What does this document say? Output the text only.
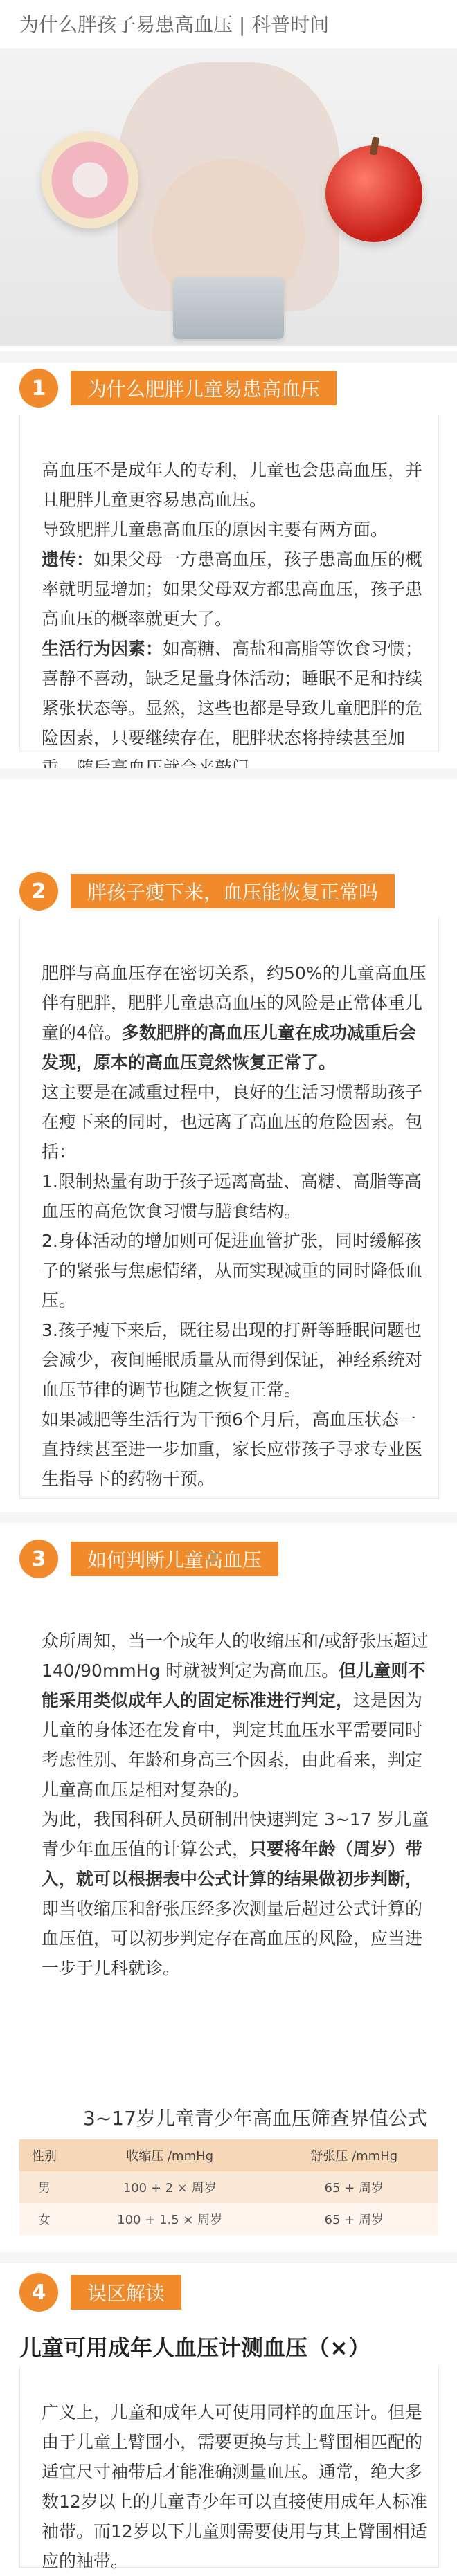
为什么胖孩子易患高血压 | 科普时间
1	为什么肥胖儿童易患高血压

高血压不是成年人的专利，儿童也会患高血压，并且肥胖儿童更容易患高血压。

导致肥胖儿童患高血压的原因主要有两方面。

遗传：如果父母一方患高血压，孩子患高血压的概率就明显增加；如果父母双方都患高血压，孩子患高血压的概率就更大了。

生活行为因素：如高糖、高盐和高脂等饮食习惯；喜静不喜动，缺乏足量身体活动；睡眠不足和持续紧张状态等。显然，这些也都是导致儿童肥胖的危险因素，只要继续存在，肥胖状态将持续甚至加

2	胖孩子瘦下来，血压能恢复正常吗

肥胖与高血压存在密切关系，约50%的儿童高血压伴有肥胖，肥胖儿童患高血压的风险是正常体重儿童的4倍。多数肥胖的高血压儿童在成功减重后会发现，原本的高血压竟然恢复正常了。

这主要是在减重过程中，良好的生活习惯帮助孩子在瘦下来的同时，也远离了高血压的危险因素。包括：

1.限制热量有助于孩子远离高盐、高糖、高脂等高血压的高危饮食习惯与膳食结构。

2.身体活动的增加则可促进血管扩张，同时缓解孩子的紧张与焦虑情绪，从而实现减重的同时降低血压。

3.孩子瘦下来后，既往易出现的打鼾等睡眠问题也会减少，夜间睡眠质量从而得到保证，神经系统对血压节律的调节也随之恢复正常。

如果减肥等生活行为干预6个月后，高血压状态一直持续甚至进一步加重，家长应带孩子寻求专业医生指导下的药物干预。

3	如何判断儿童高血压

众所周知，当一个成年人的收缩压和/或舒张压超过140/90mmHg 时就被判定为高血压。但儿童则不能采用类似成年人的固定标准进行判定，这是因为儿童的身体还在发育中，判定其血压水平需要同时考虑性别、年龄和身高三个因素，由此看来，判定儿童高血压是相对复杂的。

为此，我国科研人员研制出快速判定 3~17 岁儿童青少年血压值的计算公式，只要将年龄（周岁）带入，就可以根据表中公式计算的结果做初步判断，即当收缩压和舒张压经多次测量后超过公式计算的血压值，可以初步判定存在高血压的风险，应当进一步于儿科就诊。

3~17岁儿童青少年高血压筛查界值公式
性别	收缩压 /mmHg	舒张压 /mmHg
男	100 + 2 × 周岁	65 + 周岁
女	100 + 1.5 × 周岁	65 + 周岁
4	误区解读
儿童可用成年人血压计测血压（×）

广义上，儿童和成年人可使用同样的血压计。但是由于儿童上臂围小，需要更换与其上臂围相匹配的适宜尺寸袖带后才能准确测量血压。通常，绝大多数12岁以上的儿童青少年可以直接使用成年人标准袖带。而12岁以下儿童则需要使用与其上臂围相适应的袖带。
